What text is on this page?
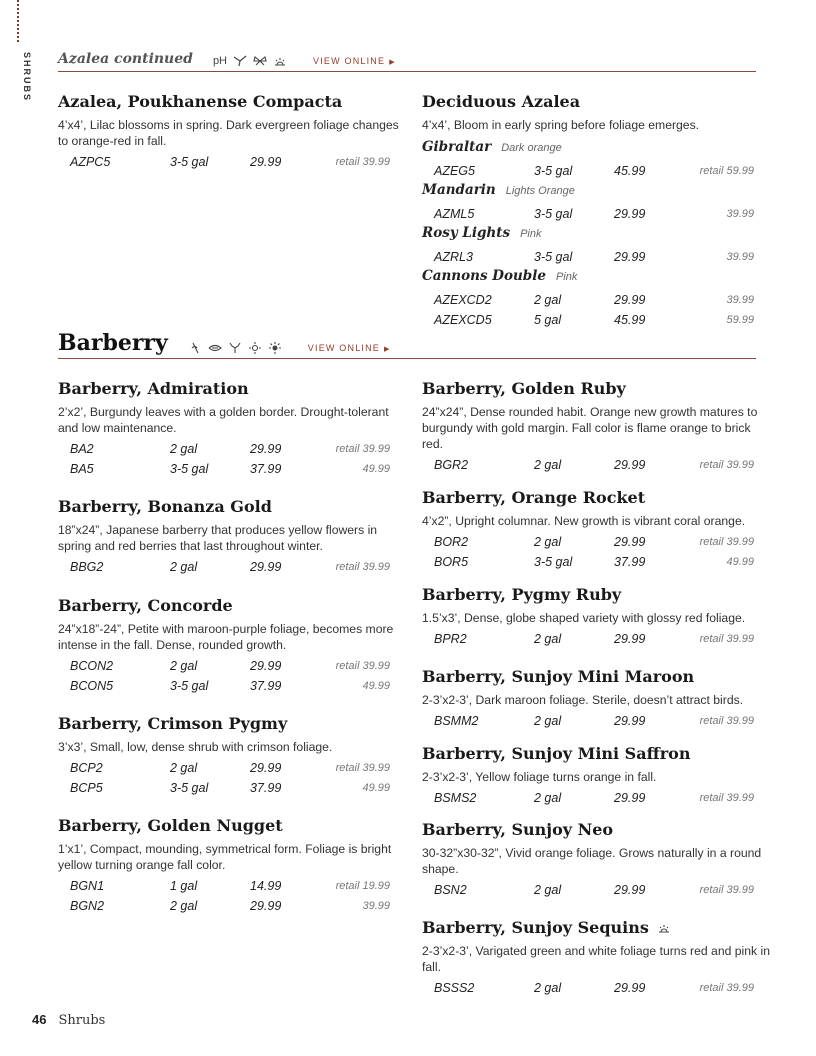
SHRUBS Azalea continued pH	VIEW ONLINE ▶
Azalea, Poukhanense Compacta
4’x4’, Lilac blossoms in spring. Dark evergreen foliage changes to orange-red in fall.
AZPC5	3-5 gal	29.99	retail 39.99
Deciduous Azalea
4’x4’, Bloom in early spring before foliage emerges.
Gibraltar Dark orange
AZEG5	3-5 gal	45.99	retail 59.99
Mandarin Lights Orange
AZML5	3-5 gal	29.99	39.99
Rosy Lights Pink
AZRL3	3-5 gal	29.99	39.99
Cannons Double Pink
AZEXCD2	2 gal	29.99	39.99
AZEXCD5	5 gal	45.99	59.99
Barberry	VIEW ONLINE ▶
Barberry, Admiration
2’x2’, Burgundy leaves with a golden border. Drought-tolerant and low maintenance.
BA2	2 gal	29.99	retail 39.99
BA5	3-5 gal	37.99	49.99
Barberry, Bonanza Gold
18”x24”, Japanese barberry that produces yellow flowers in spring and red berries that last throughout winter.
BBG2	2 gal	29.99	retail 39.99
Barberry, Concorde
24”x18”-24”, Petite with maroon-purple foliage, becomes more intense in the fall. Dense, rounded growth.
BCON2	2 gal	29.99	retail 39.99
BCON5	3-5 gal	37.99	49.99
Barberry, Crimson Pygmy
3’x3’, Small, low, dense shrub with crimson foliage.
BCP2	2 gal	29.99	retail 39.99
BCP5	3-5 gal	37.99	49.99
Barberry, Golden Nugget
1’x1’, Compact, mounding, symmetrical form. Foliage is bright yellow turning orange fall color.
BGN1	1 gal	14.99	retail 19.99
BGN2	2 gal	29.99	39.99
Barberry, Golden Ruby
24”x24”, Dense rounded habit. Orange new growth matures to burgundy with gold margin. Fall color is flame orange to brick red.
BGR2	2 gal	29.99	retail 39.99
Barberry, Orange Rocket
4’x2”, Upright columnar. New growth is vibrant coral orange.
BOR2	2 gal	29.99	retail 39.99
BOR5	3-5 gal	37.99	49.99
Barberry, Pygmy Ruby
1.5’x3’, Dense, globe shaped variety with glossy red foliage.
BPR2	2 gal	29.99	retail 39.99
Barberry, Sunjoy Mini Maroon
2-3’x2-3’, Dark maroon foliage. Sterile, doesn’t attract birds.
BSMM2	2 gal	29.99	retail 39.99
Barberry, Sunjoy Mini Saffron
2-3’x2-3’, Yellow foliage turns orange in fall.
BSMS2	2 gal	29.99	retail 39.99
Barberry, Sunjoy Neo
30-32”x30-32”, Vivid orange foliage. Grows naturally in a round shape.
BSN2	2 gal	29.99	retail 39.99
Barberry, Sunjoy Sequins
2-3’x2-3’, Varigated green and white foliage turns red and pink in fall.
BSSS2	2 gal	29.99	retail 39.99
46 Shrubs
